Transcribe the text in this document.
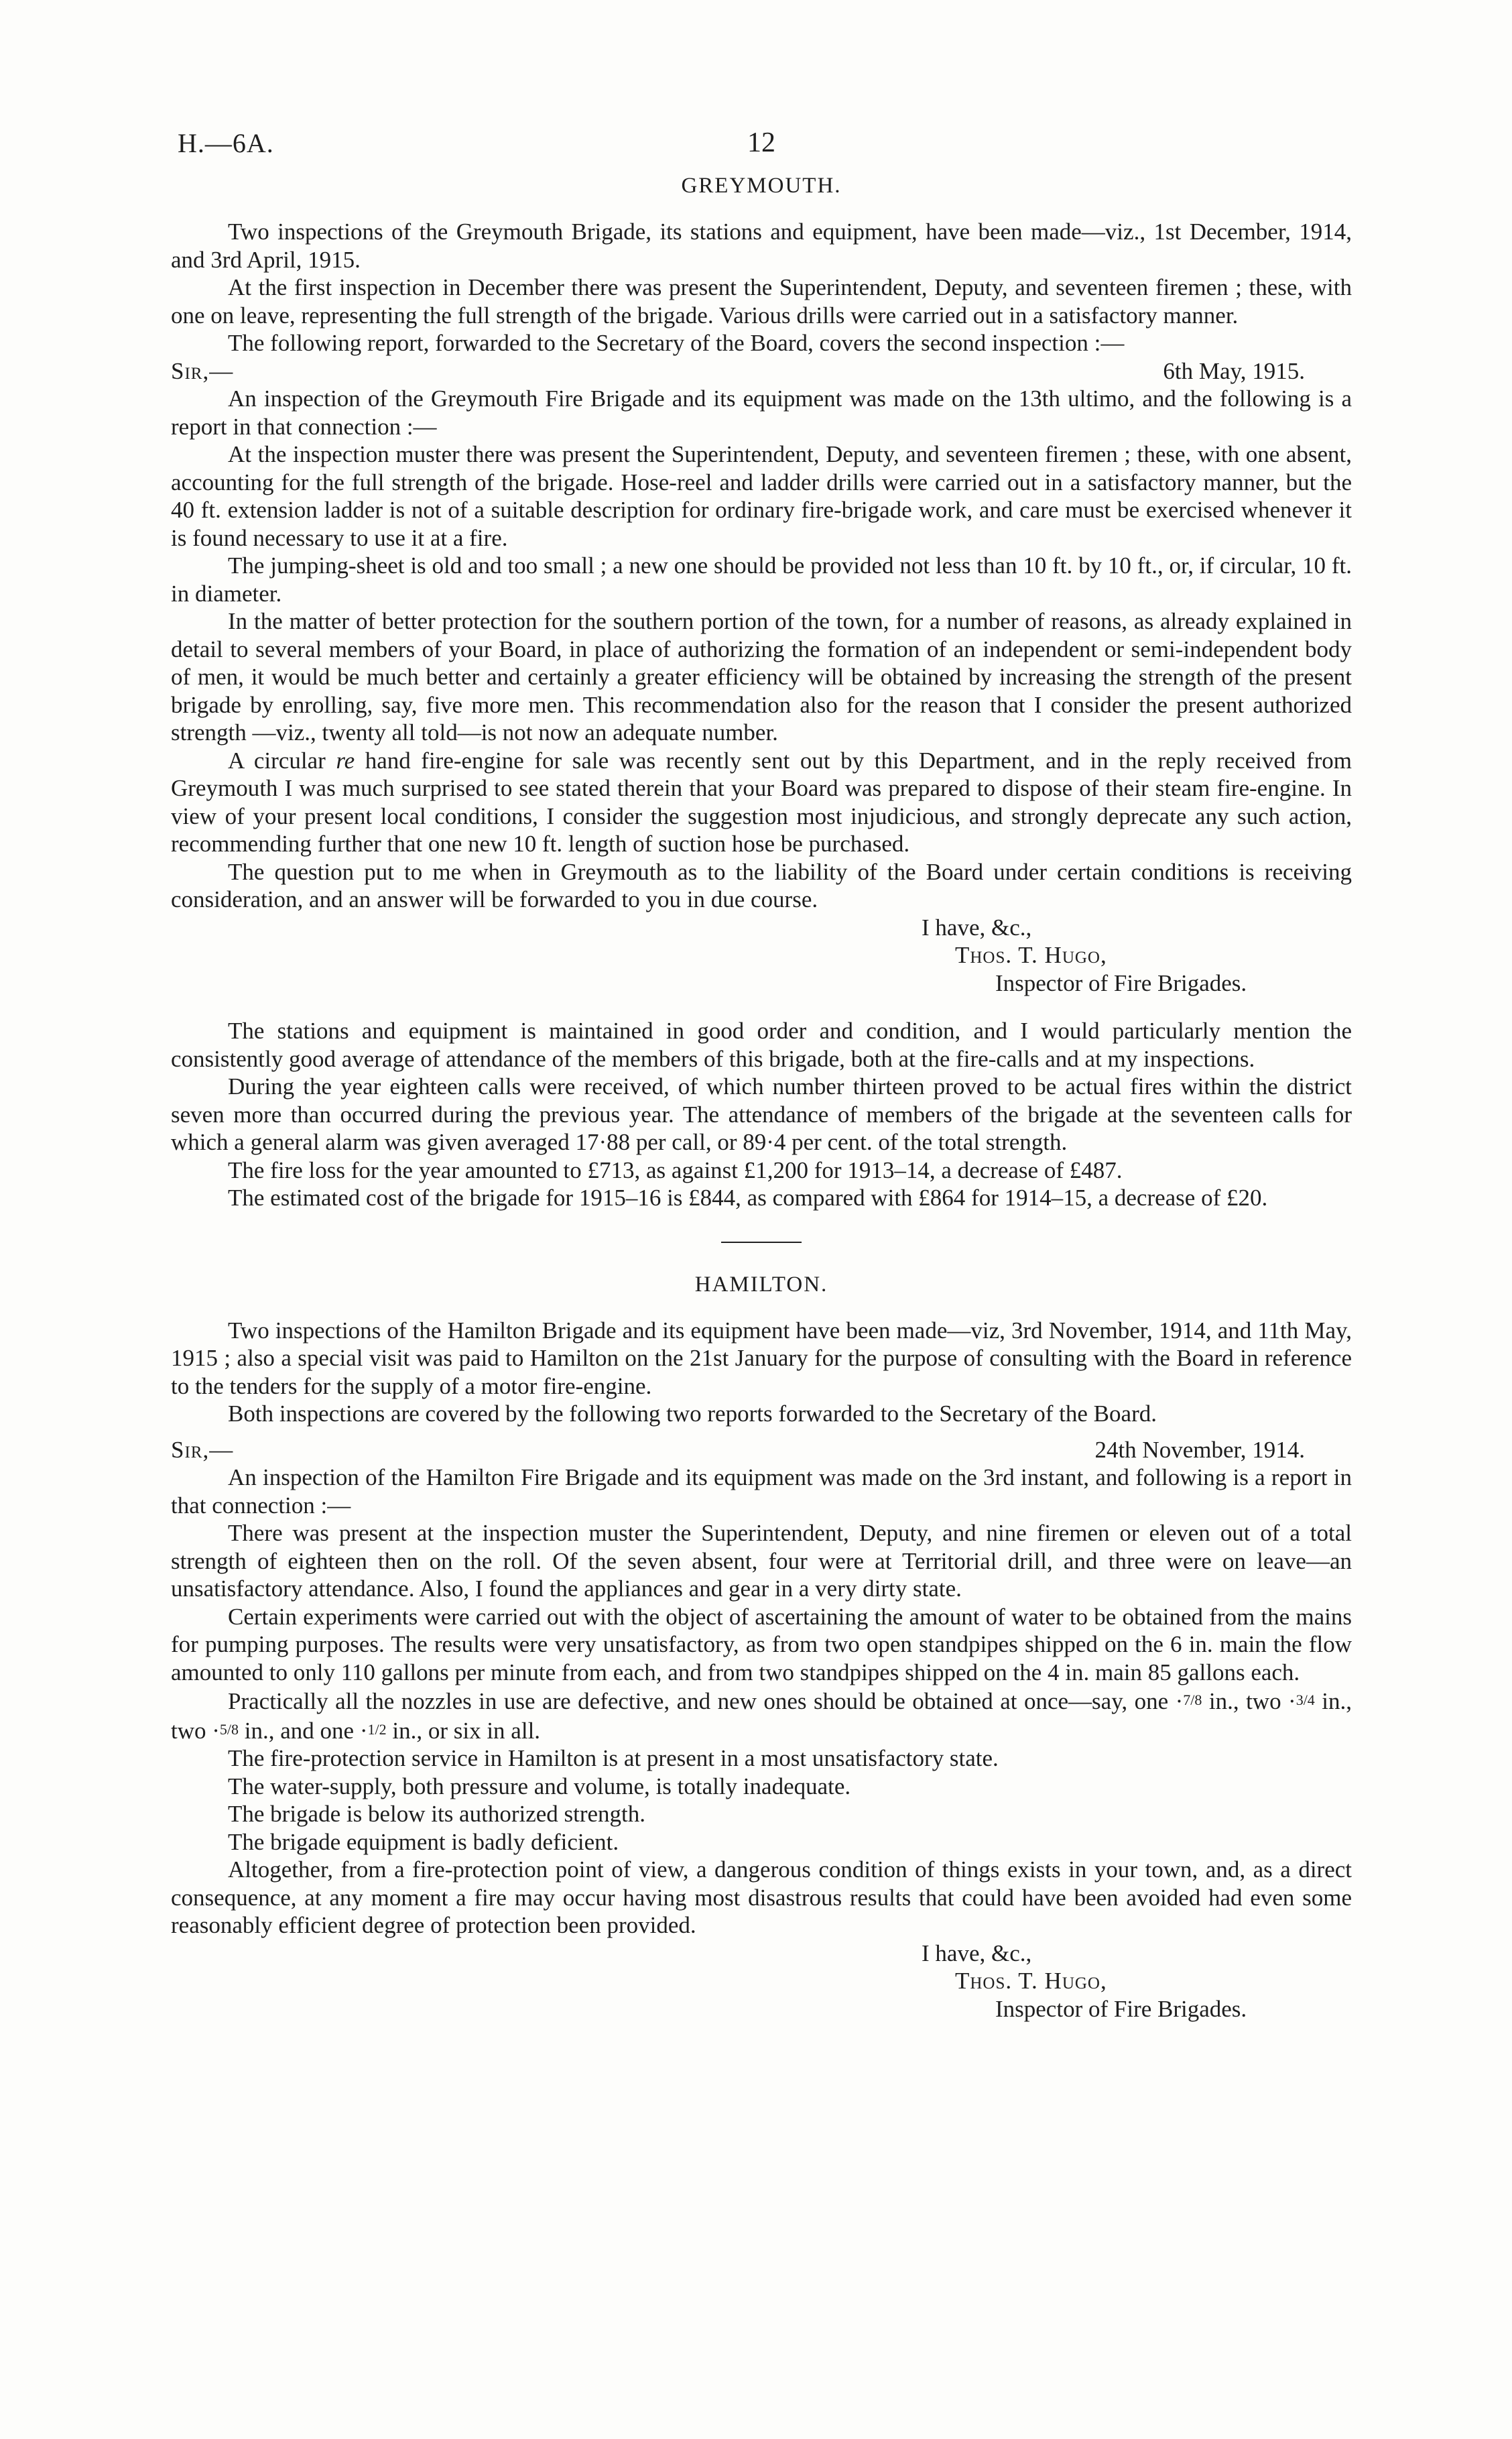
H.—6A.	12
GREYMOUTH.

Two inspections of the Greymouth Brigade, its stations and equipment, have been made—viz., 1st December, 1914, and 3rd April, 1915.

At the first inspection in December there was present the Superintendent, Deputy, and seventeen firemen ; these, with one on leave, representing the full strength of the brigade. Various drills were carried out in a satisfactory manner.

The following report, forwarded to the Secretary of the Board, covers the second inspection :—

Sir,—	6th May, 1915.

An inspection of the Greymouth Fire Brigade and its equipment was made on the 13th ultimo, and the following is a report in that connection :—

At the inspection muster there was present the Superintendent, Deputy, and seventeen firemen ; these, with one absent, accounting for the full strength of the brigade. Hose-reel and ladder drills were carried out in a satisfactory manner, but the 40 ft. extension ladder is not of a suitable description for ordinary fire-brigade work, and care must be exercised whenever it is found necessary to use it at a fire.

The jumping-sheet is old and too small ; a new one should be provided not less than 10 ft. by 10 ft., or, if circular, 10 ft. in diameter.

In the matter of better protection for the southern portion of the town, for a number of reasons, as already explained in detail to several members of your Board, in place of authorizing the formation of an independent or semi-independent body of men, it would be much better and certainly a greater efficiency will be obtained by increasing the strength of the present brigade by enrolling, say, five more men. This recommendation also for the reason that I consider the present authorized strength —viz., twenty all told—is not now an adequate number.

A circular re hand fire-engine for sale was recently sent out by this Department, and in the reply received from Greymouth I was much surprised to see stated therein that your Board was prepared to dispose of their steam fire-engine. In view of your present local conditions, I consider the suggestion most injudicious, and strongly deprecate any such action, recommending further that one new 10 ft. length of suction hose be purchased.

The question put to me when in Greymouth as to the liability of the Board under certain conditions is receiving consideration, and an answer will be forwarded to you in due course.

I have, &c.,
Thos. T. Hugo,
Inspector of Fire Brigades.

The stations and equipment is maintained in good order and condition, and I would particularly mention the consistently good average of attendance of the members of this brigade, both at the fire-calls and at my inspections.

During the year eighteen calls were received, of which number thirteen proved to be actual fires within the district seven more than occurred during the previous year. The attendance of members of the brigade at the seventeen calls for which a general alarm was given averaged 17·88 per call, or 89·4 per cent. of the total strength.

The fire loss for the year amounted to £713, as against £1,200 for 1913–14, a decrease of £487.

The estimated cost of the brigade for 1915–16 is £844, as compared with £864 for 1914–15, a decrease of £20.

HAMILTON.

Two inspections of the Hamilton Brigade and its equipment have been made—viz, 3rd November, 1914, and 11th May, 1915 ; also a special visit was paid to Hamilton on the 21st January for the purpose of consulting with the Board in reference to the tenders for the supply of a motor fire-engine.

Both inspections are covered by the following two reports forwarded to the Secretary of the Board.

Sir,—	24th November, 1914.

An inspection of the Hamilton Fire Brigade and its equipment was made on the 3rd instant, and following is a report in that connection :—

There was present at the inspection muster the Superintendent, Deputy, and nine firemen or eleven out of a total strength of eighteen then on the roll. Of the seven absent, four were at Territorial drill, and three were on leave—an unsatisfactory attendance. Also, I found the appliances and gear in a very dirty state.

Certain experiments were carried out with the object of ascertaining the amount of water to be obtained from the mains for pumping purposes. The results were very unsatisfactory, as from two open standpipes shipped on the 6 in. main the flow amounted to only 110 gallons per minute from each, and from two standpipes shipped on the 4 in. main 85 gallons each.

Practically all the nozzles in use are defective, and new ones should be obtained at once—say, one ·7/8 in., two ·3/4 in., two ·5/8 in., and one ·1/2 in., or six in all.

The fire-protection service in Hamilton is at present in a most unsatisfactory state.

The water-supply, both pressure and volume, is totally inadequate.

The brigade is below its authorized strength.

The brigade equipment is badly deficient.

Altogether, from a fire-protection point of view, a dangerous condition of things exists in your town, and, as a direct consequence, at any moment a fire may occur having most disastrous results that could have been avoided had even some reasonably efficient degree of protection been provided.

I have, &c.,
Thos. T. Hugo,
Inspector of Fire Brigades.
